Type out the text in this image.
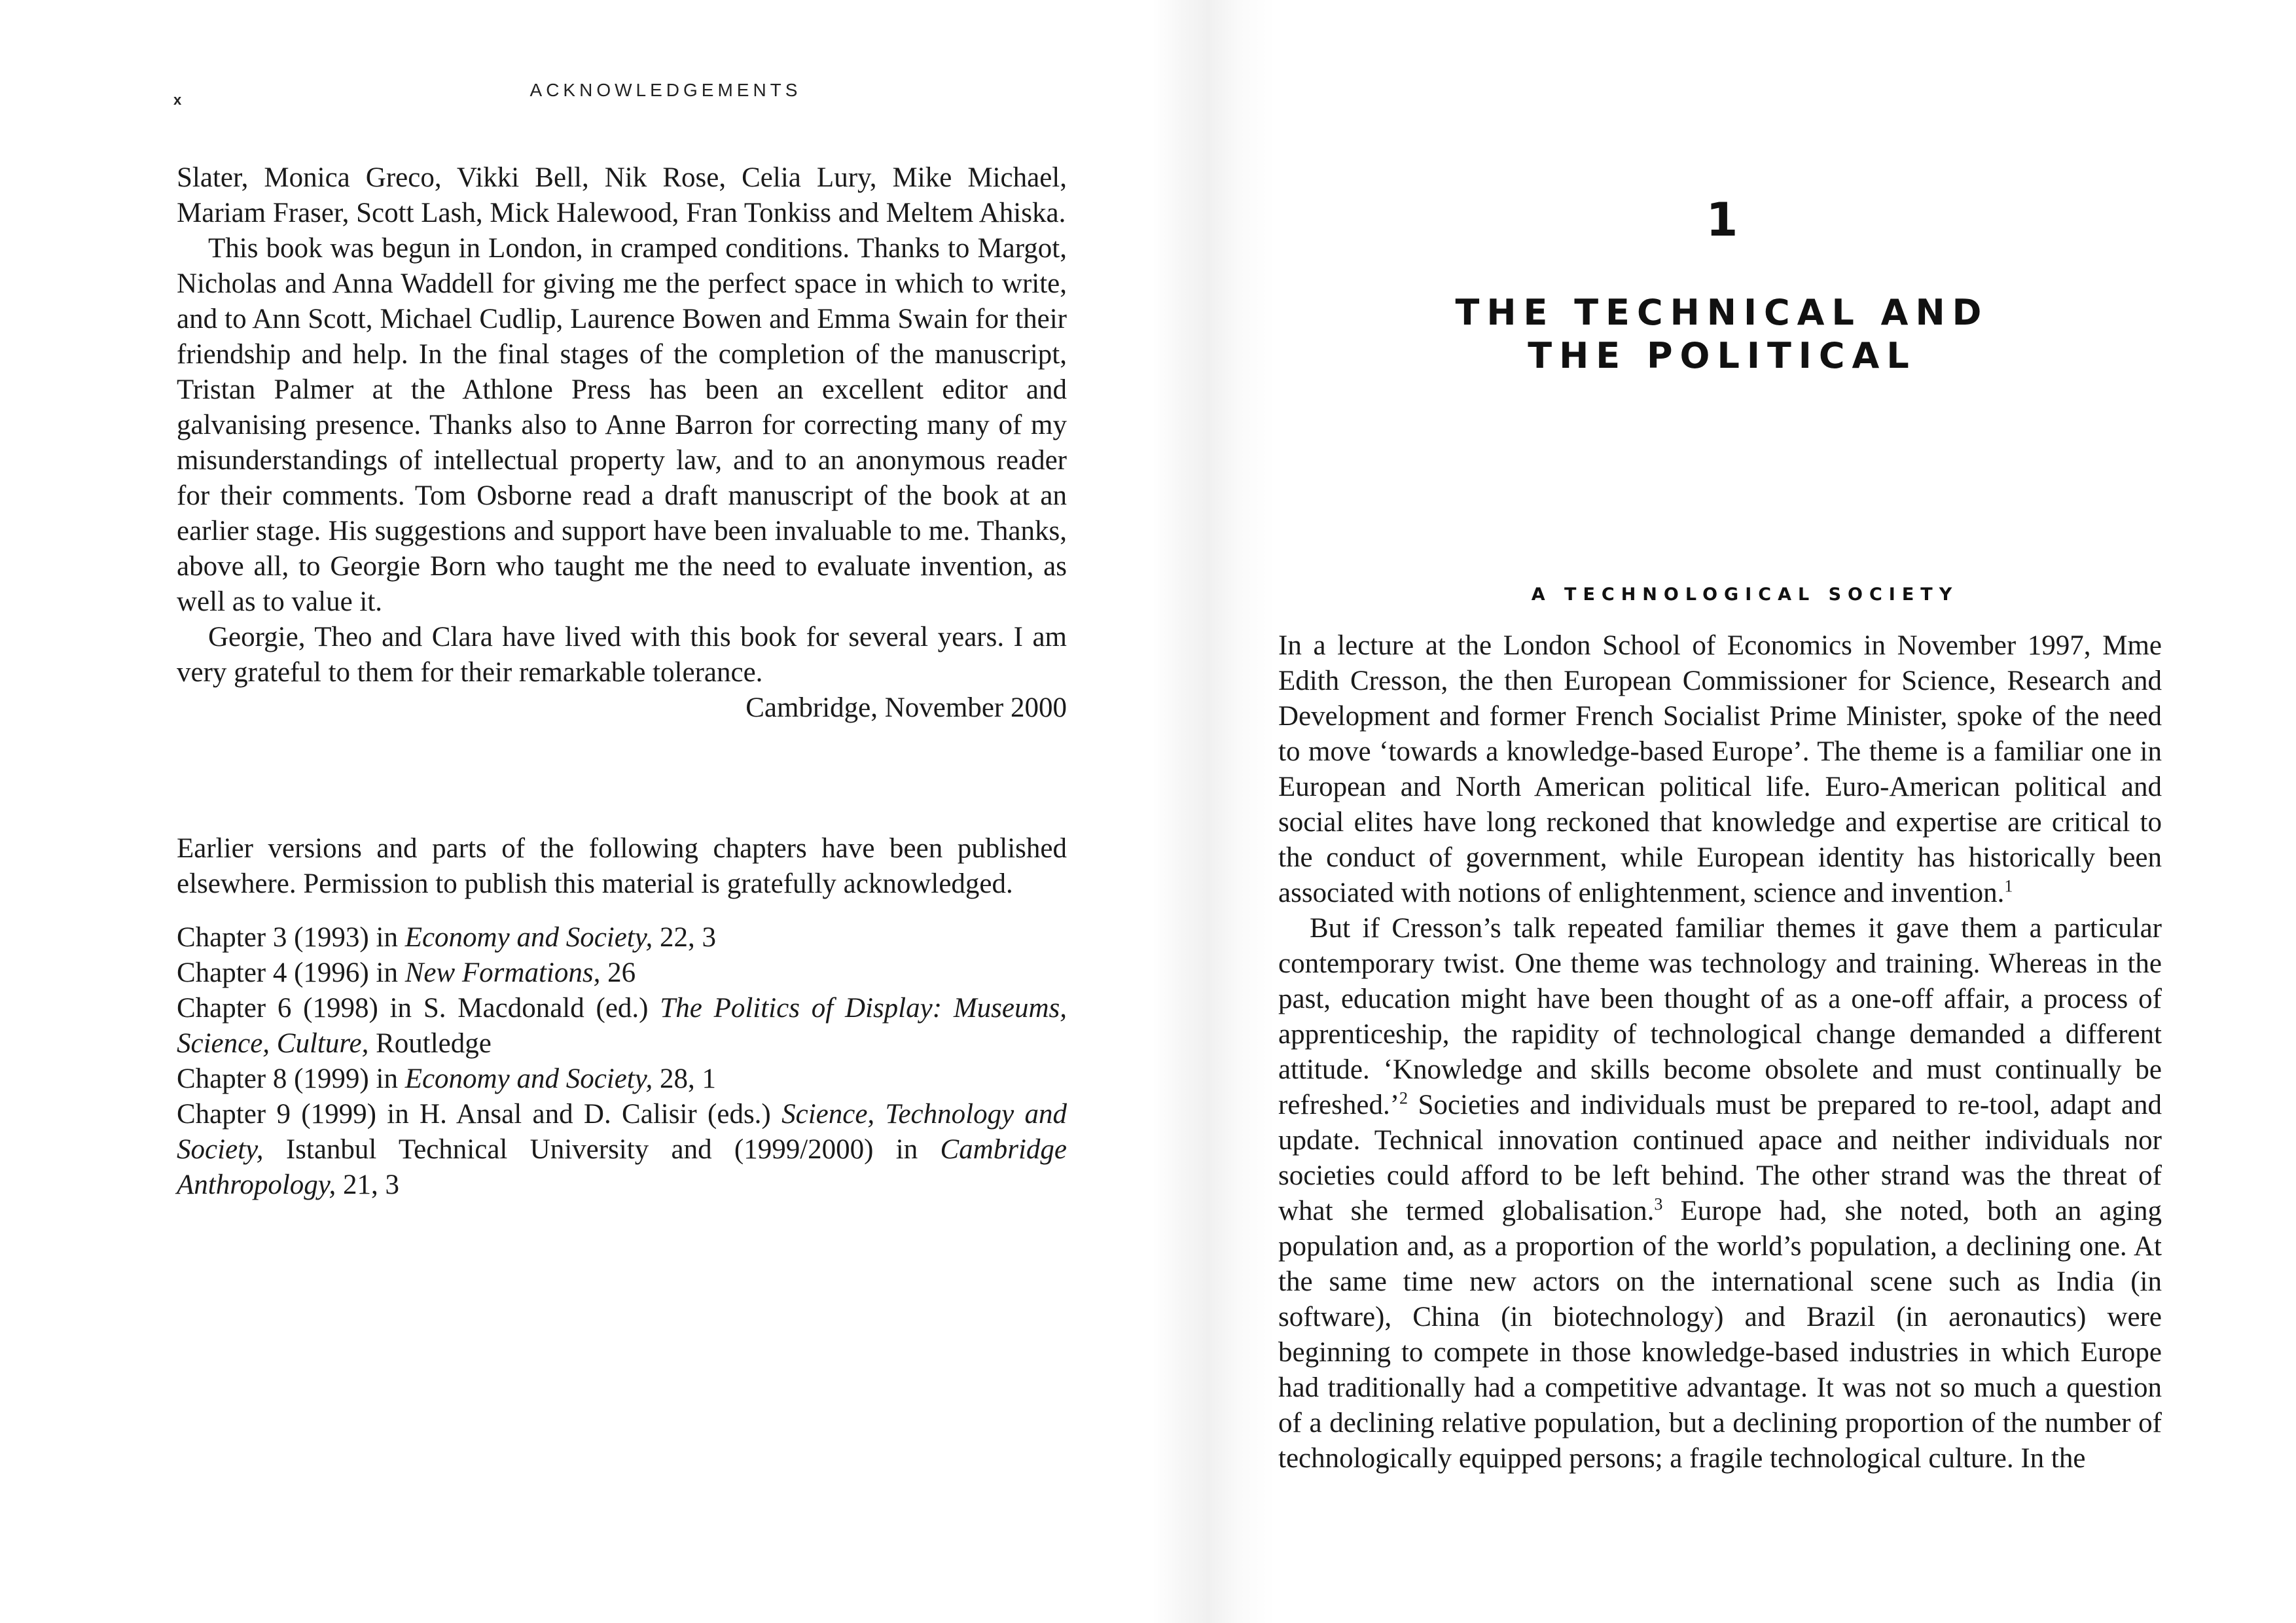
x	ACKNOWLEDGEMENTS

Slater, Monica Greco, Vikki Bell, Nik Rose, Celia Lury, Mike Michael, Mariam Fraser, Scott Lash, Mick Halewood, Fran Tonkiss and Meltem Ahiska.

This book was begun in London, in cramped conditions. Thanks to Margot, Nicholas and Anna Waddell for giving me the perfect space in which to write, and to Ann Scott, Michael Cudlip, Laurence Bowen and Emma Swain for their friendship and help. In the final stages of the completion of the manuscript, Tristan Palmer at the Athlone Press has been an excellent editor and galvanising presence. Thanks also to Anne Barron for correcting many of my misunderstandings of intellectual property law, and to an anonymous reader for their comments. Tom Osborne read a draft manuscript of the book at an earlier stage. His suggestions and support have been invaluable to me. Thanks, above all, to Georgie Born who taught me the need to evaluate invention, as well as to value it.

Georgie, Theo and Clara have lived with this book for several years. I am very grateful to them for their remarkable tolerance.

Cambridge, November 2000

Earlier versions and parts of the following chapters have been published elsewhere. Permission to publish this material is gratefully acknowledged.

Chapter 3 (1993) in Economy and Society, 22, 3

Chapter 4 (1996) in New Formations, 26

Chapter 6 (1998) in S. Macdonald (ed.) The Politics of Display: Museums, Science, Culture, Routledge

Chapter 8 (1999) in Economy and Society, 28, 1

Chapter 9 (1999) in H. Ansal and D. Calisir (eds.) Science, Technology and Society, Istanbul Technical University and (1999/2000) in Cambridge Anthropology, 21, 3

1
THE TECHNICAL AND
THE POLITICAL
A TECHNOLOGICAL SOCIETY

In a lecture at the London School of Economics in November 1997, Mme Edith Cresson, the then European Commissioner for Science, Research and Development and former French Socialist Prime Minister, spoke of the need to move ‘towards a knowledge-based Europe’. The theme is a familiar one in European and North American political life. Euro-American political and social elites have long reckoned that knowledge and expertise are critical to the conduct of government, while European identity has historically been associated with notions of enlightenment, science and invention.$^1$

But if Cresson’s talk repeated familiar themes it gave them a particular contemporary twist. One theme was technology and training. Whereas in the past, education might have been thought of as a one-off affair, a process of apprenticeship, the rapidity of technological change demanded a different attitude. ‘Knowledge and skills become obsolete and must continually be refreshed.’$^2$ Societies and individuals must be prepared to re-tool, adapt and update. Technical innovation continued apace and neither individuals nor societies could afford to be left behind. The other strand was the threat of what she termed globalisation.$^3$ Europe had, she noted, both an aging population and, as a proportion of the world’s population, a declining one. At the same time new actors on the international scene such as India (in software), China (in biotechnology) and Brazil (in aeronautics) were beginning to compete in those knowledge-based industries in which Europe had traditionally had a competitive advantage. It was not so much a question of a declining relative population, but a declining proportion of the number of technologically equipped persons; a fragile technological culture. In the
